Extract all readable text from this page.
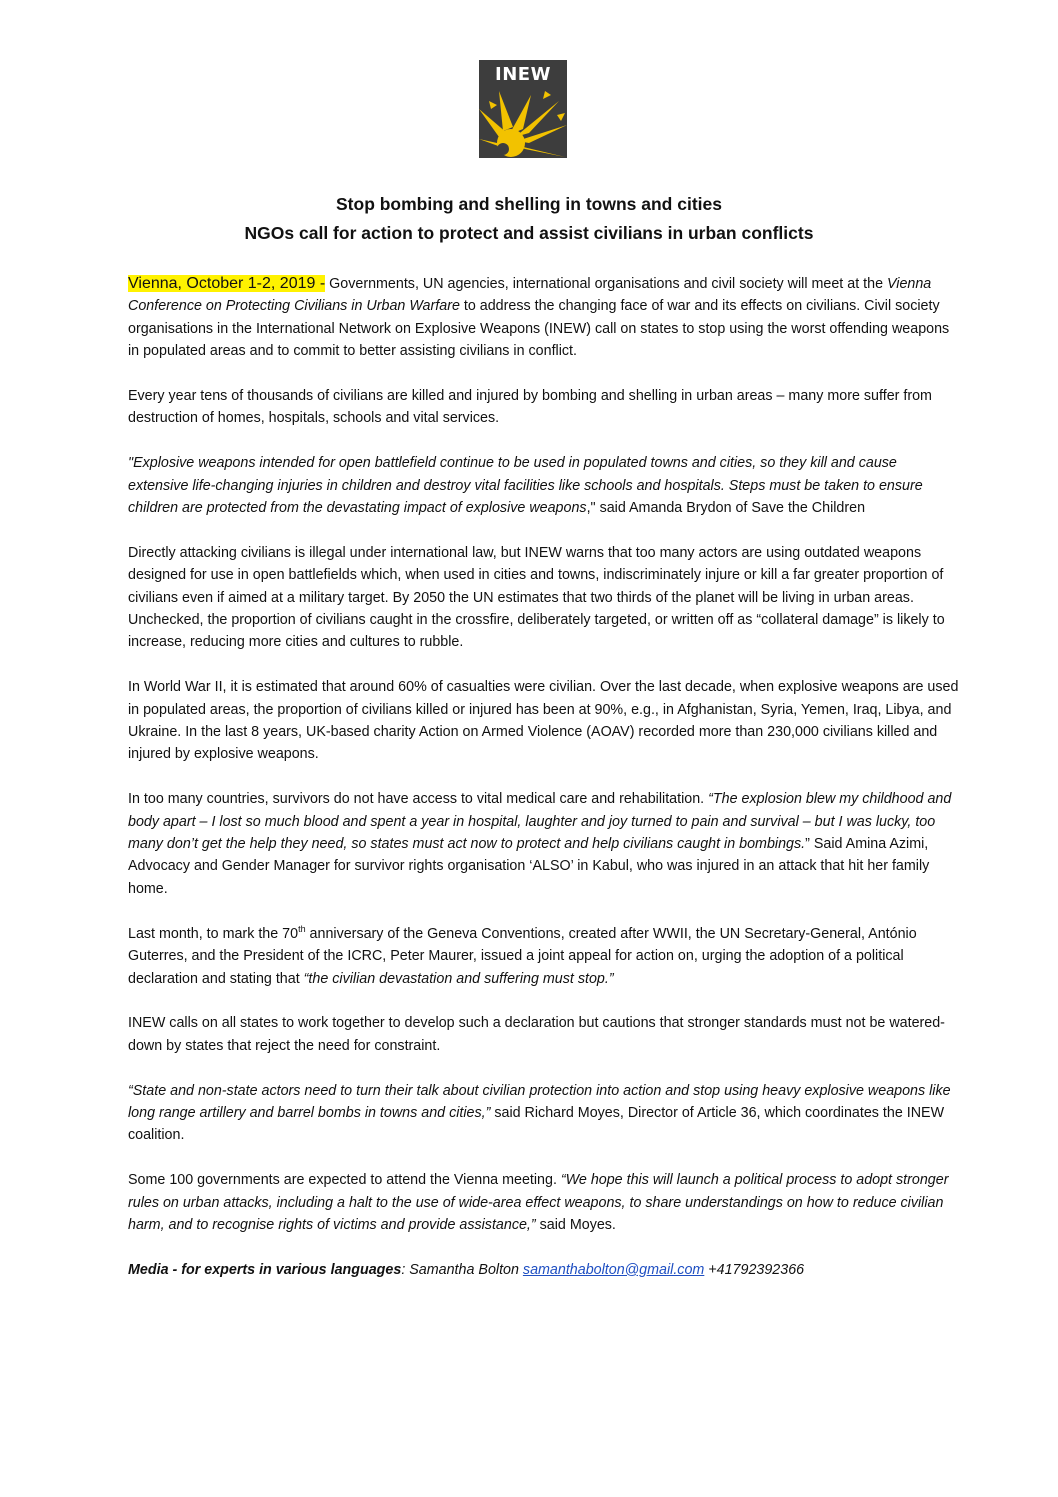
INEW
Stop bombing and shelling in towns and cities
NGOs call for action to protect and assist civilians in urban conflicts

Vienna, October 1-2, 2019 - Governments, UN agencies, international organisations and civil society will meet at the Vienna Conference on Protecting Civilians in Urban Warfare to address the changing face of war and its effects on civilians. Civil society organisations in the International Network on Explosive Weapons (INEW) call on states to stop using the worst offending weapons in populated areas and to commit to better assisting civilians in conflict.

Every year tens of thousands of civilians are killed and injured by bombing and shelling in urban areas – many more suffer from destruction of homes, hospitals, schools and vital services.

"Explosive weapons intended for open battlefield continue to be used in populated towns and cities, so they kill and cause extensive life-changing injuries in children and destroy vital facilities like schools and hospitals. Steps must be taken to ensure children are protected from the devastating impact of explosive weapons," said Amanda Brydon of Save the Children

Directly attacking civilians is illegal under international law, but INEW warns that too many actors are using outdated weapons designed for use in open battlefields which, when used in cities and towns, indiscriminately injure or kill a far greater proportion of civilians even if aimed at a military target. By 2050 the UN estimates that two thirds of the planet will be living in urban areas. Unchecked, the proportion of civilians caught in the crossfire, deliberately targeted, or written off as “collateral damage” is likely to increase, reducing more cities and cultures to rubble.

In World War II, it is estimated that around 60% of casualties were civilian. Over the last decade, when explosive weapons are used in populated areas, the proportion of civilians killed or injured has been at 90%, e.g., in Afghanistan, Syria, Yemen, Iraq, Libya, and Ukraine. In the last 8 years, UK-based charity Action on Armed Violence (AOAV) recorded more than 230,000 civilians killed and injured by explosive weapons.

In too many countries, survivors do not have access to vital medical care and rehabilitation. “The explosion blew my childhood and body apart – I lost so much blood and spent a year in hospital, laughter and joy turned to pain and survival – but I was lucky, too many don’t get the help they need, so states must act now to protect and help civilians caught in bombings.” Said Amina Azimi, Advocacy and Gender Manager for survivor rights organisation ‘ALSO’ in Kabul, who was injured in an attack that hit her family home.

Last month, to mark the 70th anniversary of the Geneva Conventions, created after WWII, the UN Secretary-General, António Guterres, and the President of the ICRC, Peter Maurer, issued a joint appeal for action on, urging the adoption of a political declaration and stating that “the civilian devastation and suffering must stop.”

INEW calls on all states to work together to develop such a declaration but cautions that stronger standards must not be watered-down by states that reject the need for constraint.

“State and non-state actors need to turn their talk about civilian protection into action and stop using heavy explosive weapons like long range artillery and barrel bombs in towns and cities,” said Richard Moyes, Director of Article 36, which coordinates the INEW coalition.

Some 100 governments are expected to attend the Vienna meeting. “We hope this will launch a political process to adopt stronger rules on urban attacks, including a halt to the use of wide-area effect weapons, to share understandings on how to reduce civilian harm, and to recognise rights of victims and provide assistance,” said Moyes.

Media - for experts in various languages: Samantha Bolton samanthabolton@gmail.com +41792392366
